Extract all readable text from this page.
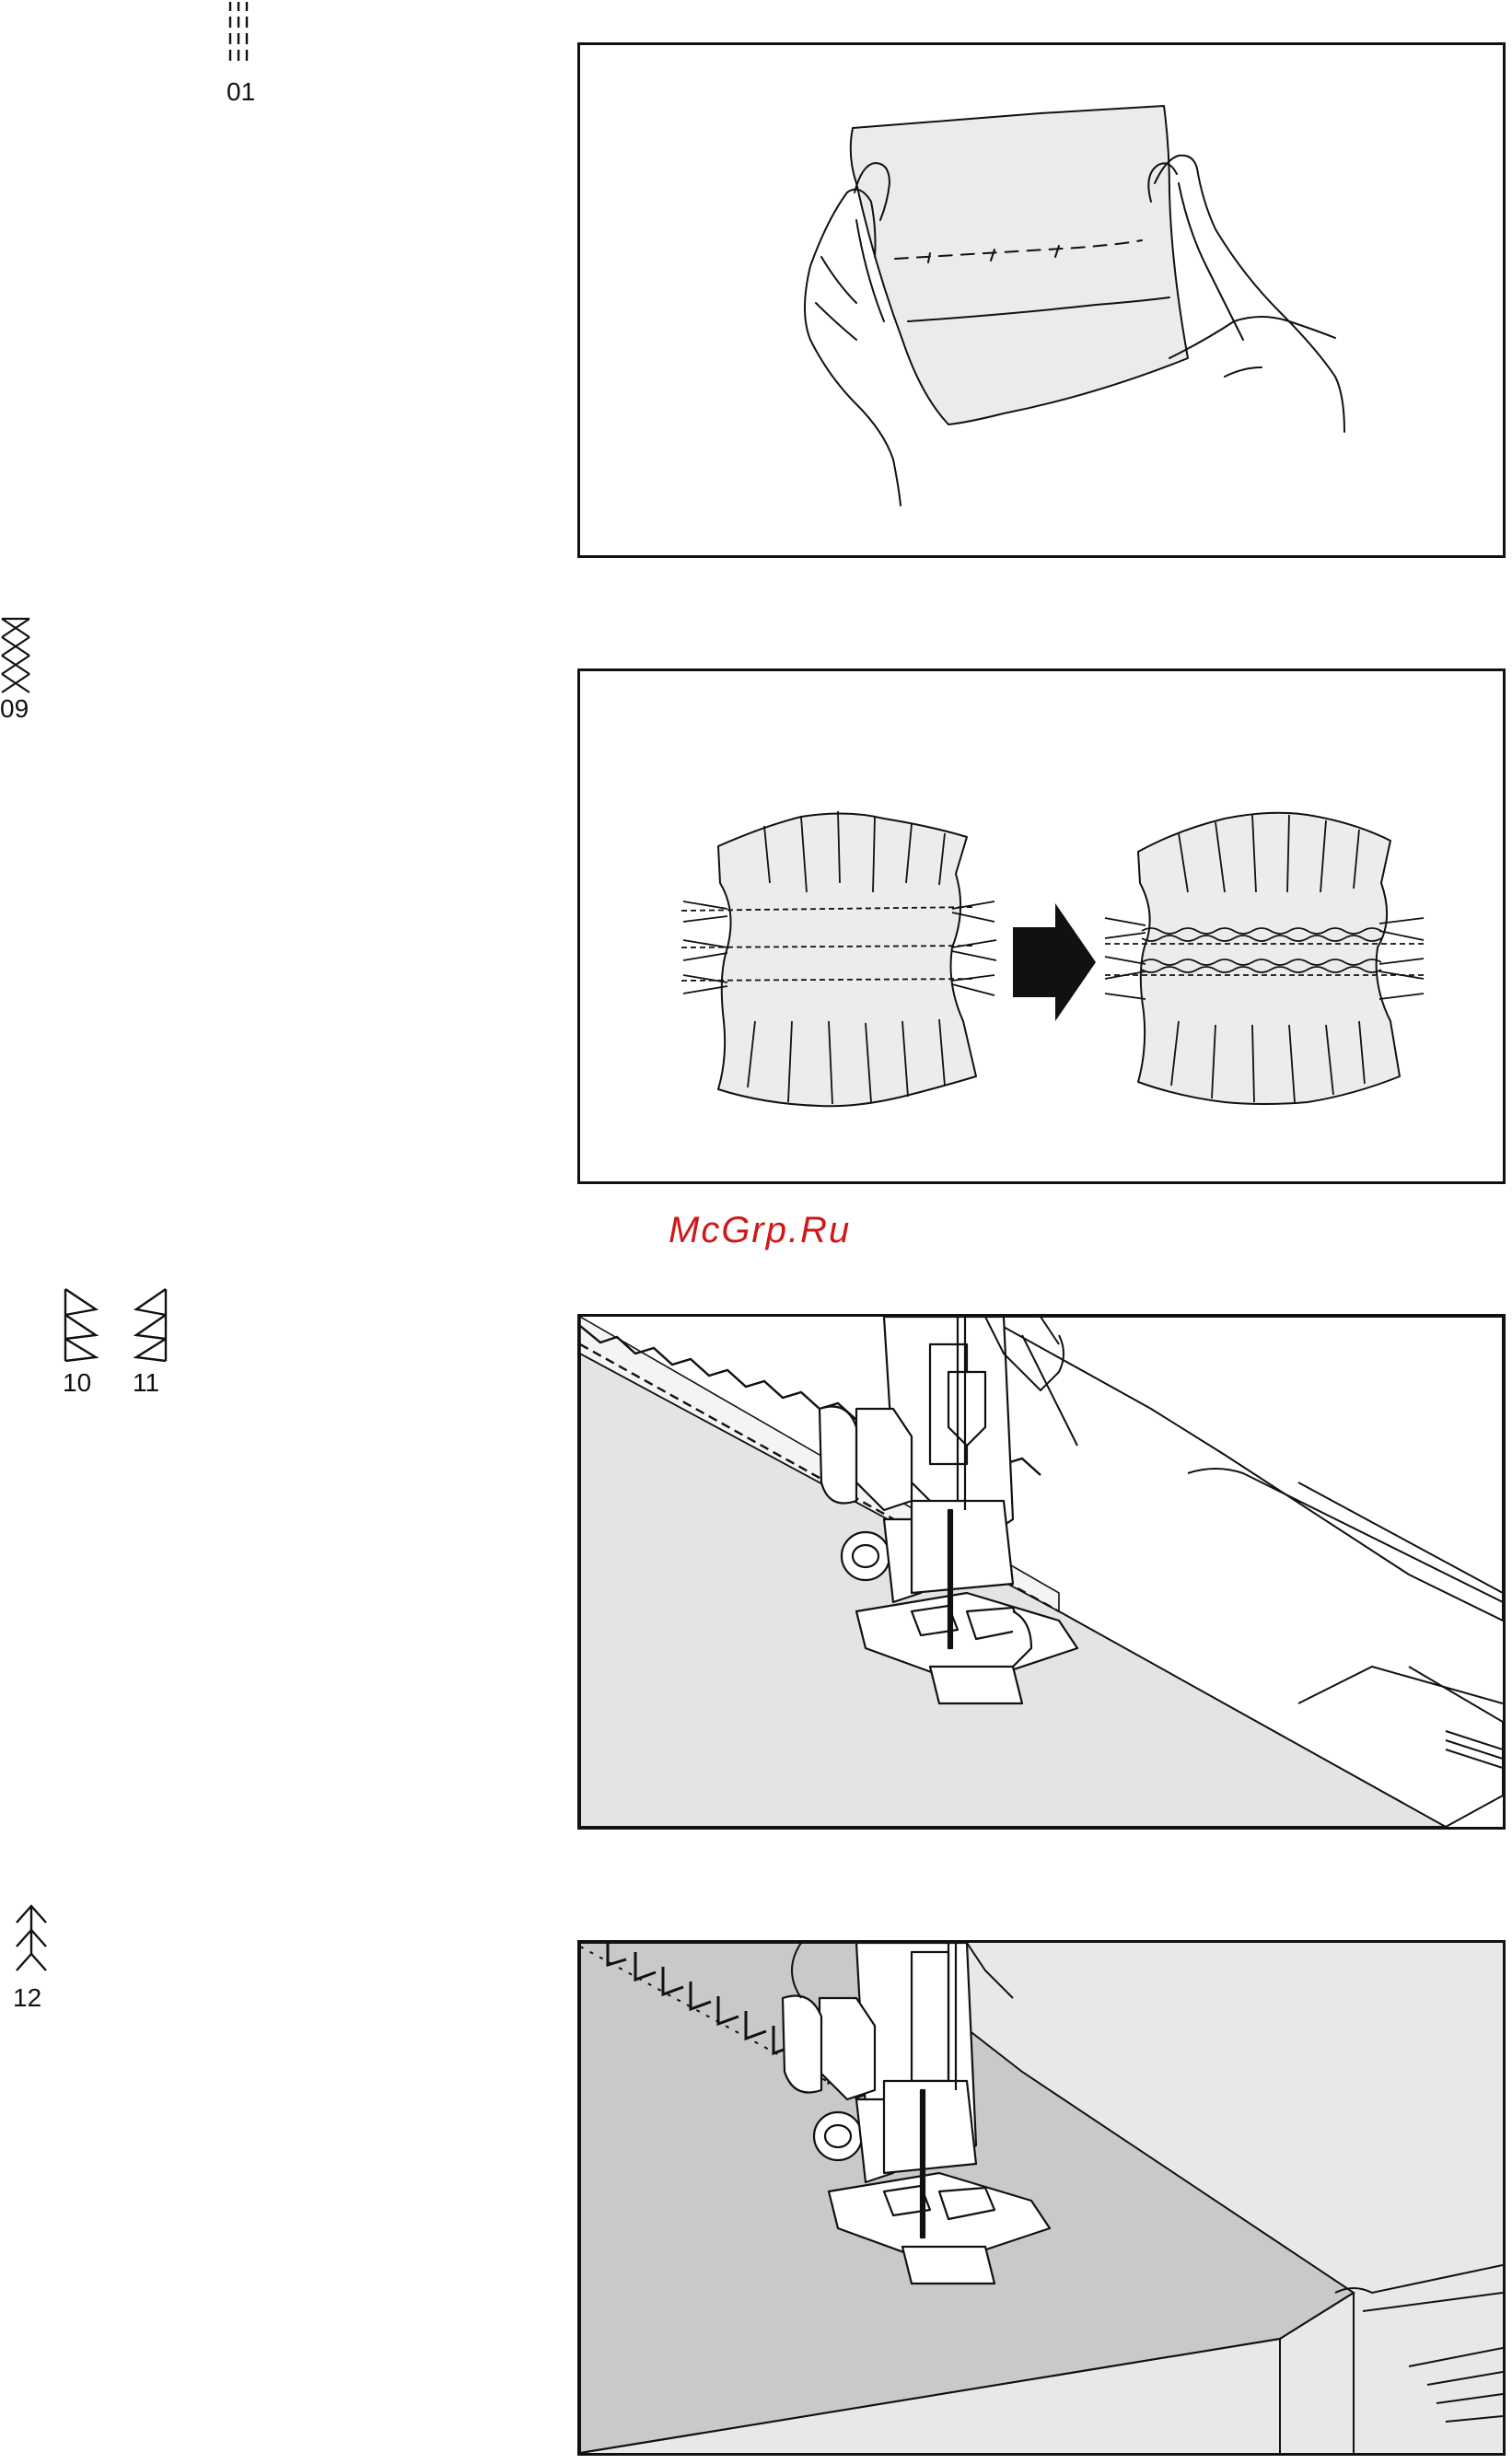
01
09
10 11
12
McGrp.Ru
